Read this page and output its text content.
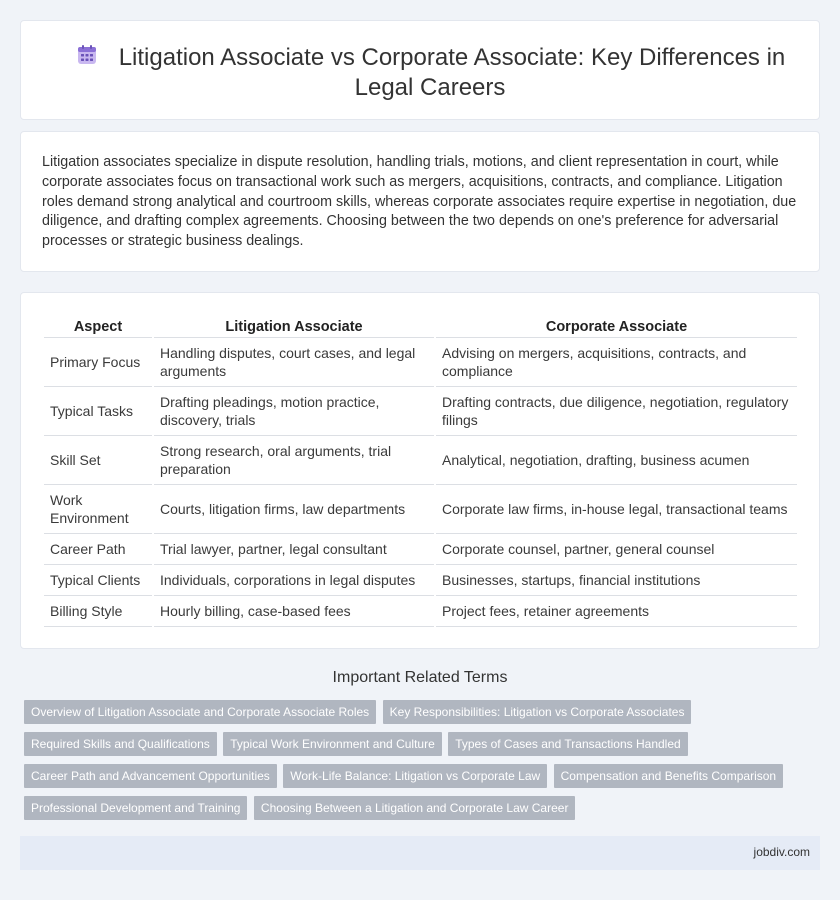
Litigation Associate vs Corporate Associate: Key Differences in Legal Careers

Litigation associates specialize in dispute resolution, handling trials, motions, and client representation in court, while corporate associates focus on transactional work such as mergers, acquisitions, contracts, and compliance. Litigation roles demand strong analytical and courtroom skills, whereas corporate associates require expertise in negotiation, due diligence, and drafting complex agreements. Choosing between the two depends on one's preference for adversarial processes or strategic business dealings.

Aspect	Litigation Associate	Corporate Associate
Primary Focus	Handling disputes, court cases, and legal arguments	Advising on mergers, acquisitions, contracts, and compliance
Typical Tasks	Drafting pleadings, motion practice, discovery, trials	Drafting contracts, due diligence, negotiation, regulatory filings
Skill Set	Strong research, oral arguments, trial preparation	Analytical, negotiation, drafting, business acumen
Work Environment	Courts, litigation firms, law departments	Corporate law firms, in-house legal, transactional teams
Career Path	Trial lawyer, partner, legal consultant	Corporate counsel, partner, general counsel
Typical Clients	Individuals, corporations in legal disputes	Businesses, startups, financial institutions
Billing Style	Hourly billing, case-based fees	Project fees, retainer agreements
Important Related Terms
Overview of Litigation Associate and Corporate Associate Roles Key Responsibilities: Litigation vs Corporate Associates Required Skills and Qualifications Typical Work Environment and Culture Types of Cases and Transactions Handled Career Path and Advancement Opportunities Work-Life Balance: Litigation vs Corporate Law Compensation and Benefits Comparison Professional Development and Training Choosing Between a Litigation and Corporate Law Career
jobdiv.com
